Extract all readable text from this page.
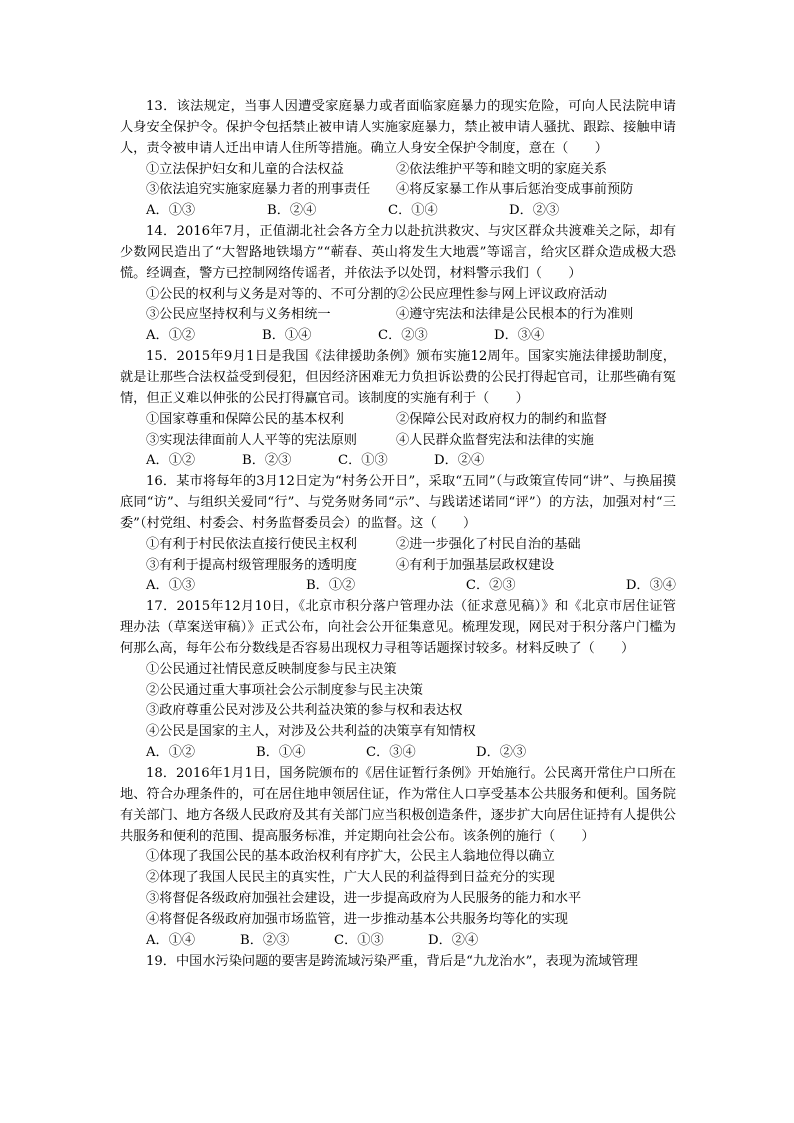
13．该法规定，当事人因遭受家庭暴力或者面临家庭暴力的现实危险，可向人民法院申请人身安全保护令。保护令包括禁止被申请人实施家庭暴力，禁止被申请人骚扰、跟踪、接触申请人，责令被申请人迁出申请人住所等措施。确立人身安全保护令制度，意在（　　）

①立法保护妇女和儿童的合法权益	②依法维护平等和睦文明的家庭关系
③依法追究实施家庭暴力者的刑事责任	④将反家暴工作从事后惩治变成事前预防
A．①③	B．②④	C．①④	D．②③

14．2016年7月，正值湖北社会各方全力以赴抗洪救灾、与灾区群众共渡难关之际，却有少数网民造出了“大智路地铁塌方”“蕲春、英山将发生大地震”等谣言，给灾区群众造成极大恐慌。经调查，警方已控制网络传谣者，并依法予以处罚，材料警示我们（　　）

①公民的权利与义务是对等的、不可分割的 ②公民应理性参与网上评议政府活动
③公民应坚持权利与义务相统一	④遵守宪法和法律是公民根本的行为准则
A．①②	B．①④	C．②③	D．③④

15．2015年9月1日是我国《法律援助条例》颁布实施12周年。国家实施法律援助制度，就是让那些合法权益受到侵犯，但因经济困难无力负担诉讼费的公民打得起官司，让那些确有冤情，但正义难以伸张的公民打得赢官司。该制度的实施有利于（　　）

①国家尊重和保障公民的基本权利	②保障公民对政府权力的制约和监督
③实现法律面前人人平等的宪法原则	④人民群众监督宪法和法律的实施
A．①②	B．②③	C．①③	D．②④

16．某市将每年的3月12日定为“村务公开日”，采取“五同”（与政策宣传同“讲”、与换届摸底同“访”、与组织关爱同“行”、与党务财务同“示”、与践诺述诺同“评”）的方法，加强对村“三委”（村党组、村委会、村务监督委员会）的监督。这（　　）

①有利于村民依法直接行使民主权利	②进一步强化了村民自治的基础
③有利于提高村级管理服务的透明度	④有利于加强基层政权建设
A．①③	B．①②	C．②③	D．③④

17．2015年12月10日，《北京市积分落户管理办法（征求意见稿）》和《北京市居住证管理办法（草案送审稿）》正式公布，向社会公开征集意见。梳理发现，网民对于积分落户门槛为何那么高，每年公布分数线是否容易出现权力寻租等话题探讨较多。材料反映了（　　）

①公民通过社情民意反映制度参与民主决策

②公民通过重大事项社会公示制度参与民主决策

③政府尊重公民对涉及公共利益决策的参与权和表达权

④公民是国家的主人，对涉及公共利益的决策享有知情权

A．①②	B．①④	C．③④	D．②③

18．2016年1月1日，国务院颁布的《居住证暂行条例》开始施行。公民离开常住户口所在地、符合办理条件的，可在居住地申领居住证，作为常住人口享受基本公共服务和便利。国务院有关部门、地方各级人民政府及其有关部门应当积极创造条件，逐步扩大向居住证持有人提供公共服务和便利的范围、提高服务标准，并定期向社会公布。该条例的施行（　　）

①体现了我国公民的基本政治权利有序扩大，公民主人翁地位得以确立

②体现了我国人民民主的真实性，广大人民的利益得到日益充分的实现

③将督促各级政府加强社会建设，进一步提高政府为人民服务的能力和水平

④将督促各级政府加强市场监管，进一步推动基本公共服务均等化的实现

A．①④	B．②③	C．①③	D．②④

19．中国水污染问题的要害是跨流域污染严重，背后是“九龙治水”，表现为流域管理
